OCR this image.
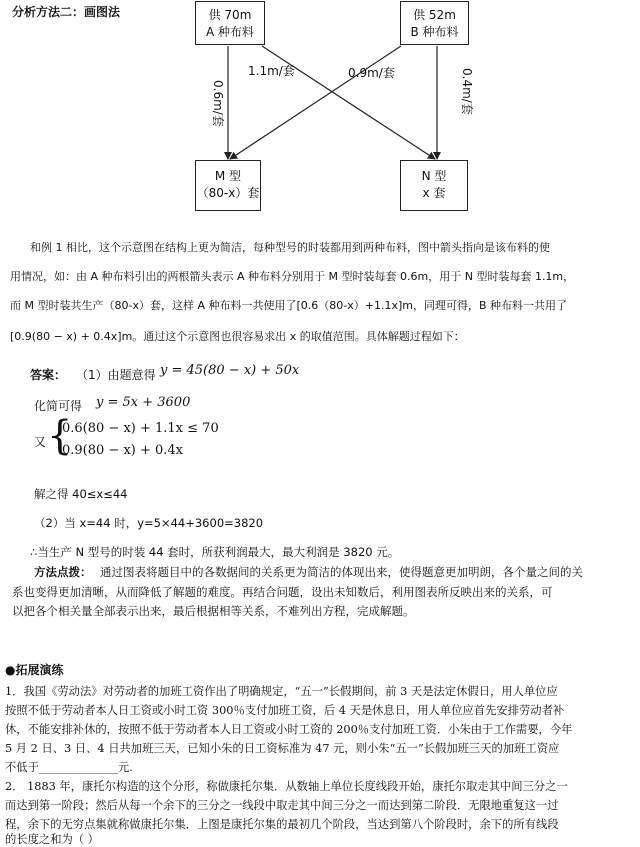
分析方法二：画图法
0.6m/套	0.4m/套
1.1m/套	0.9m/套
供 70m
A 种布料
供 52m
B 种布料
M 型
（80-x）套
N 型
x 套
和例 1 相比，这个示意图在结构上更为简洁，每种型号的时装都用到两种布料，图中箭头指向是该布料的使
用情况，如：由 A 种布料引出的两根箭头表示 A 种布料分别用于 M 型时装每套 0.6m，用于 N 型时装每套 1.1m，
而 M 型时装共生产（80-x）套，这样 A 种布料一共使用了[0.6（80-x）+1.1x]m，同理可得，B 种布料一共用了
[0.9(80 − x) + 0.4x]m。通过这个示意图也很容易求出 x 的取值范围。具体解题过程如下：
答案： （1）由题意得 y = 45(80 − x) + 50x
化简可得 y = 5x + 3600
又 {
0.6(80 − x) + 1.1x ≤ 70
0.9(80 − x) + 0.4x
解之得 40≤x≤44
（2）当 x=44 时，y=5×44+3600=3820
∴当生产 N 型号的时装 44 套时，所获利润最大，最大利润是 3820 元。
方法点拨： 通过图表将题目中的各数据间的关系更为简洁的体现出来，使得题意更加明朗，各个量之间的关
系也变得更加清晰，从而降低了解题的难度。再结合问题，设出未知数后，利用图表所反映出来的关系，可
以把各个相关量全部表示出来，最后根据相等关系，不难列出方程，完成解题。
●拓展演练
1．我国《劳动法》对劳动者的加班工资作出了明确规定，“五一”长假期间，前 3 天是法定休假日，用人单位应
按照不低于劳动者本人日工资或小时工资 300％支付加班工资，后 4 天是休息日，用人单位应首先安排劳动者补
休，不能安排补休的，按照不低于劳动者本人日工资或小时工资的 200％支付加班工资．小朱由于工作需要，今年
5 月 2 日、3 日、4 日共加班三天，已知小朱的日工资标准为 47 元，则小朱“五一”长假加班三天的加班工资应
不低于______________元.
2． 1883 年，康托尔构造的这个分形，称做康托尔集．从数轴上单位长度线段开始，康托尔取走其中间三分之一
而达到第一阶段；然后从每一个余下的三分之一线段中取走其中间三分之一而达到第二阶段．无限地重复这一过
程，余下的无穷点集就称做康托尔集．上图是康托尔集的最初几个阶段，当达到第八个阶段时，余下的所有线段
的长度之和为（ ）
